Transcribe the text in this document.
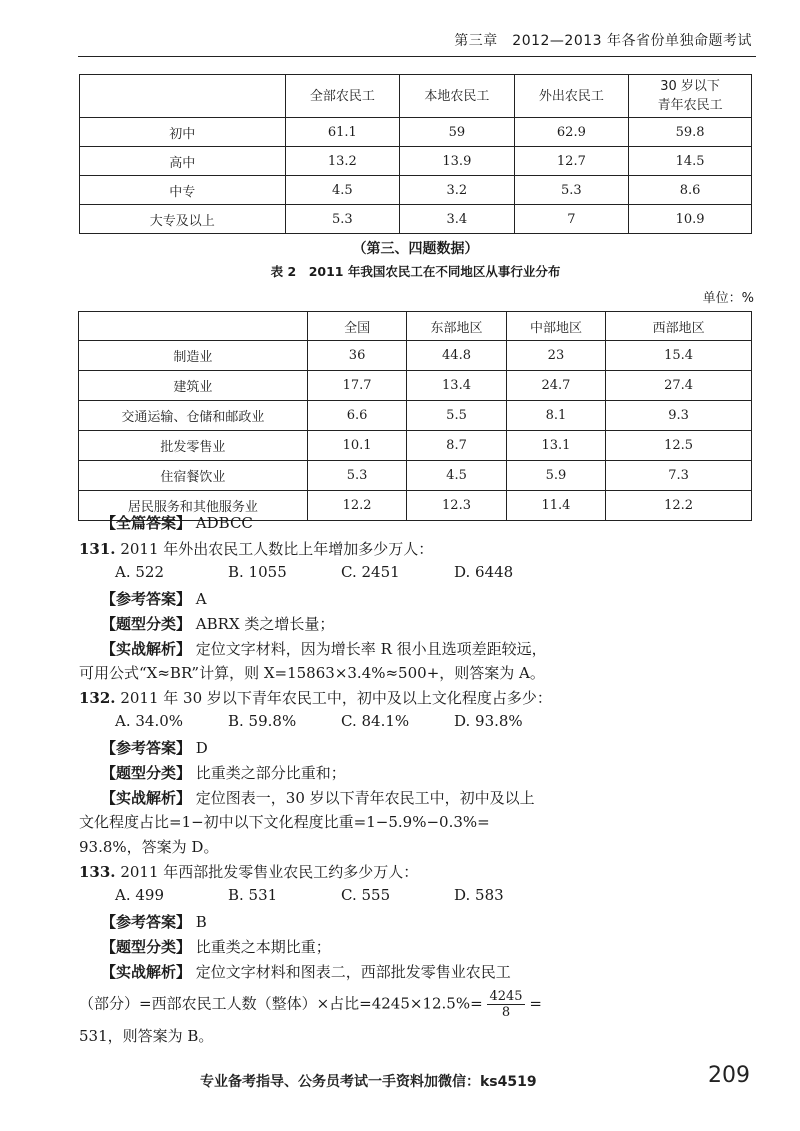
第三章　2012—2013 年各省份单独命题考试
	全部农民工	本地农民工	外出农民工	30 岁以下
青年农民工

初中	61.1	59	62.9	59.8
高中	13.2	13.9	12.7	14.5
中专	4.5	3.2	5.3	8.6
大专及以上	5.3	3.4	7	10.9
（第三、四题数据）
表 2　2011 年我国农民工在不同地区从事行业分布
单位：%
	全国	东部地区	中部地区	西部地区
制造业	36	44.8	23	15.4
建筑业	17.7	13.4	24.7	27.4
交通运输、仓储和邮政业	6.6	5.5	8.1	9.3
批发零售业	10.1	8.7	13.1	12.5
住宿餐饮业	5.3	4.5	5.9	7.3
居民服务和其他服务业	12.2	12.3	11.4	12.2
【全篇答案】 ADBCC
131. 2011 年外出农民工人数比上年增加多少万人：
A. 522	B. 1055	C. 2451	D. 6448
【参考答案】 A
【题型分类】 ABRX 类之增长量；
【实战解析】 定位文字材料，因为增长率 R 很小且选项差距较远，
可用公式“X≈BR”计算，则 X=15863×3.4%≈500+，则答案为 A。
132. 2011 年 30 岁以下青年农民工中，初中及以上文化程度占多少：
A. 34.0%	B. 59.8%	C. 84.1%	D. 93.8%
【参考答案】 D
【题型分类】 比重类之部分比重和；
【实战解析】 定位图表一，30 岁以下青年农民工中，初中及以上
文化程度占比=1−初中以下文化程度比重=1−5.9%−0.3%=
93.8%，答案为 D。
133. 2011 年西部批发零售业农民工约多少万人：
A. 499	B. 531	C. 555	D. 583
【参考答案】 B
【题型分类】 比重类之本期比重；
【实战解析】 定位文字材料和图表二，西部批发零售业农民工
（部分）=西部农民工人数（整体）×占比$=4245\times 12.5\%= \frac{4245}{8}$ =
531，则答案为 B。
专业备考指导、公务员考试一手资料加微信：ks4519	209
